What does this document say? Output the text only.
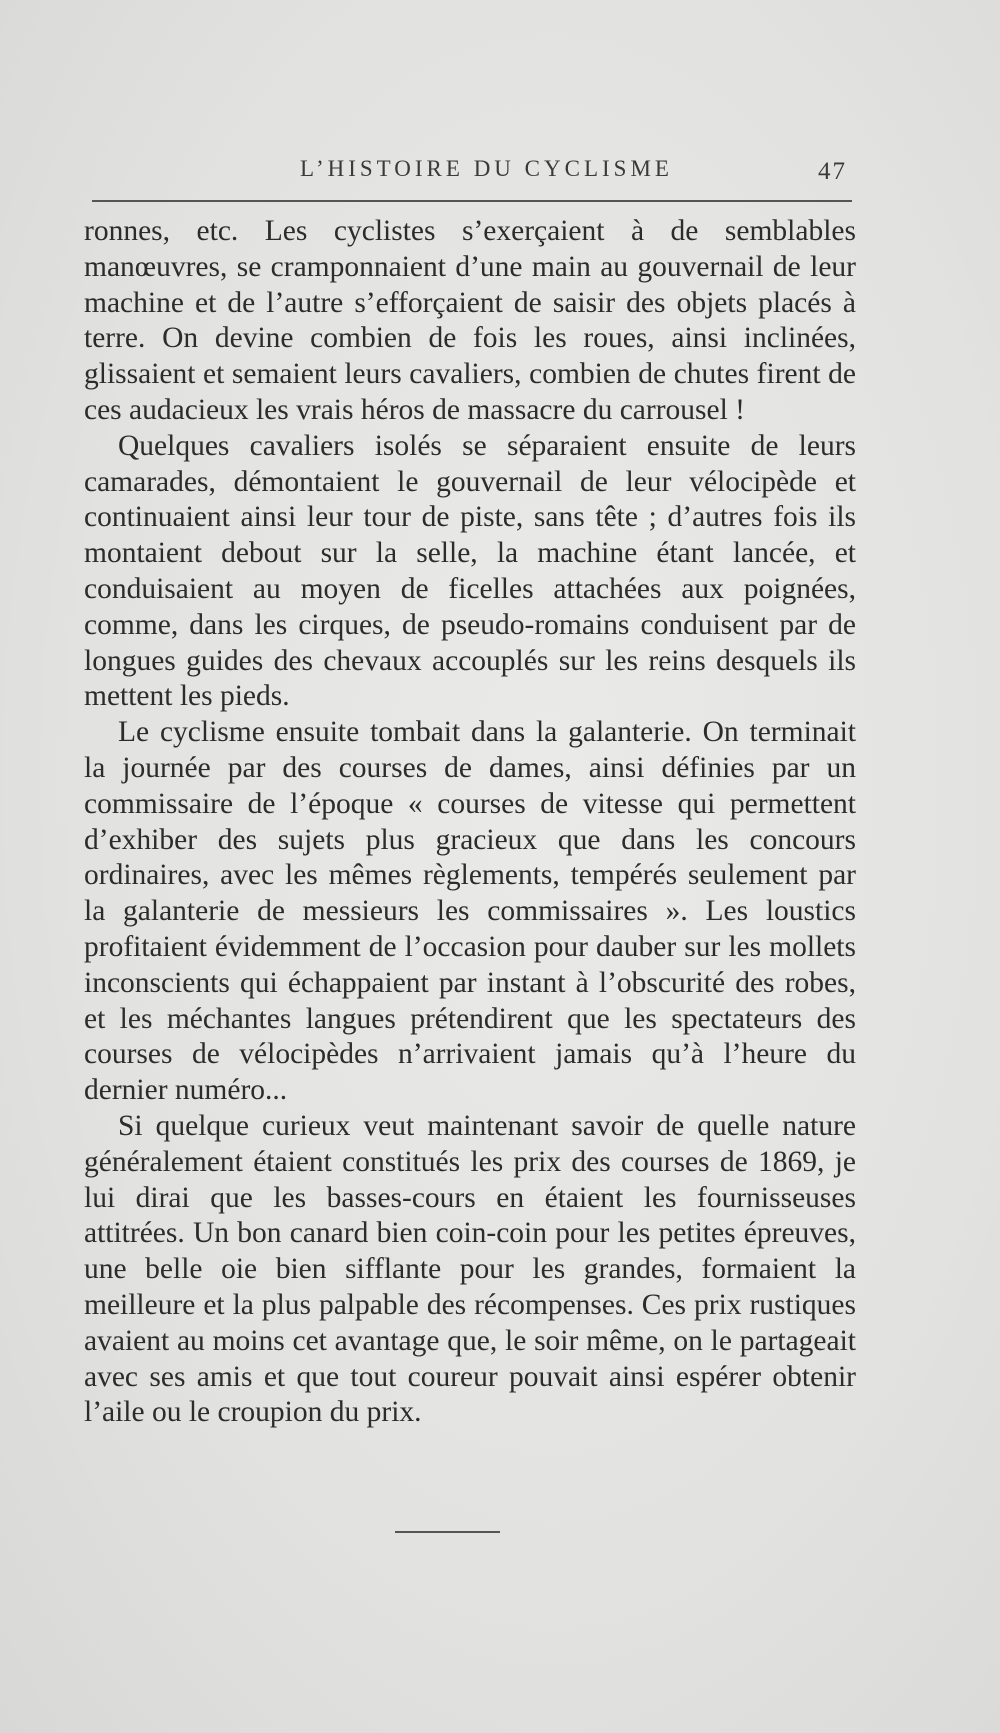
L’HISTOIRE DU CYCLISME	47

ronnes, etc. Les cyclistes s’exerçaient à de semblables manœuvres, se cramponnaient d’une main au gouvernail de leur machine et de l’autre s’efforçaient de saisir des objets placés à terre. On devine combien de fois les roues, ainsi inclinées, glissaient et semaient leurs cavaliers, combien de chutes firent de ces audacieux les vrais héros de massacre du carrousel !

Quelques cavaliers isolés se séparaient ensuite de leurs camarades, démontaient le gouvernail de leur vélocipède et continuaient ainsi leur tour de piste, sans tête ; d’autres fois ils montaient debout sur la selle, la machine étant lancée, et conduisaient au moyen de ficelles attachées aux poignées, comme, dans les cirques, de pseudo-romains conduisent par de longues guides des chevaux accouplés sur les reins desquels ils mettent les pieds.

Le cyclisme ensuite tombait dans la galanterie. On terminait la journée par des courses de dames, ainsi définies par un commissaire de l’époque « courses de vitesse qui permettent d’exhiber des sujets plus gracieux que dans les concours ordinaires, avec les mêmes règlements, tempérés seulement par la galanterie de messieurs les commissaires ». Les loustics profitaient évidemment de l’occasion pour dauber sur les mollets inconscients qui échappaient par instant à l’obscurité des robes, et les méchantes langues prétendirent que les spectateurs des courses de vélocipèdes n’arrivaient jamais qu’à l’heure du dernier numéro...

Si quelque curieux veut maintenant savoir de quelle nature généralement étaient constitués les prix des courses de 1869, je lui dirai que les basses-cours en étaient les fournisseuses attitrées. Un bon canard bien coin-coin pour les petites épreuves, une belle oie bien sifflante pour les grandes, formaient la meilleure et la plus palpable des récompenses. Ces prix rustiques avaient au moins cet avantage que, le soir même, on le partageait avec ses amis et que tout coureur pouvait ainsi espérer obtenir l’aile ou le croupion du prix.
